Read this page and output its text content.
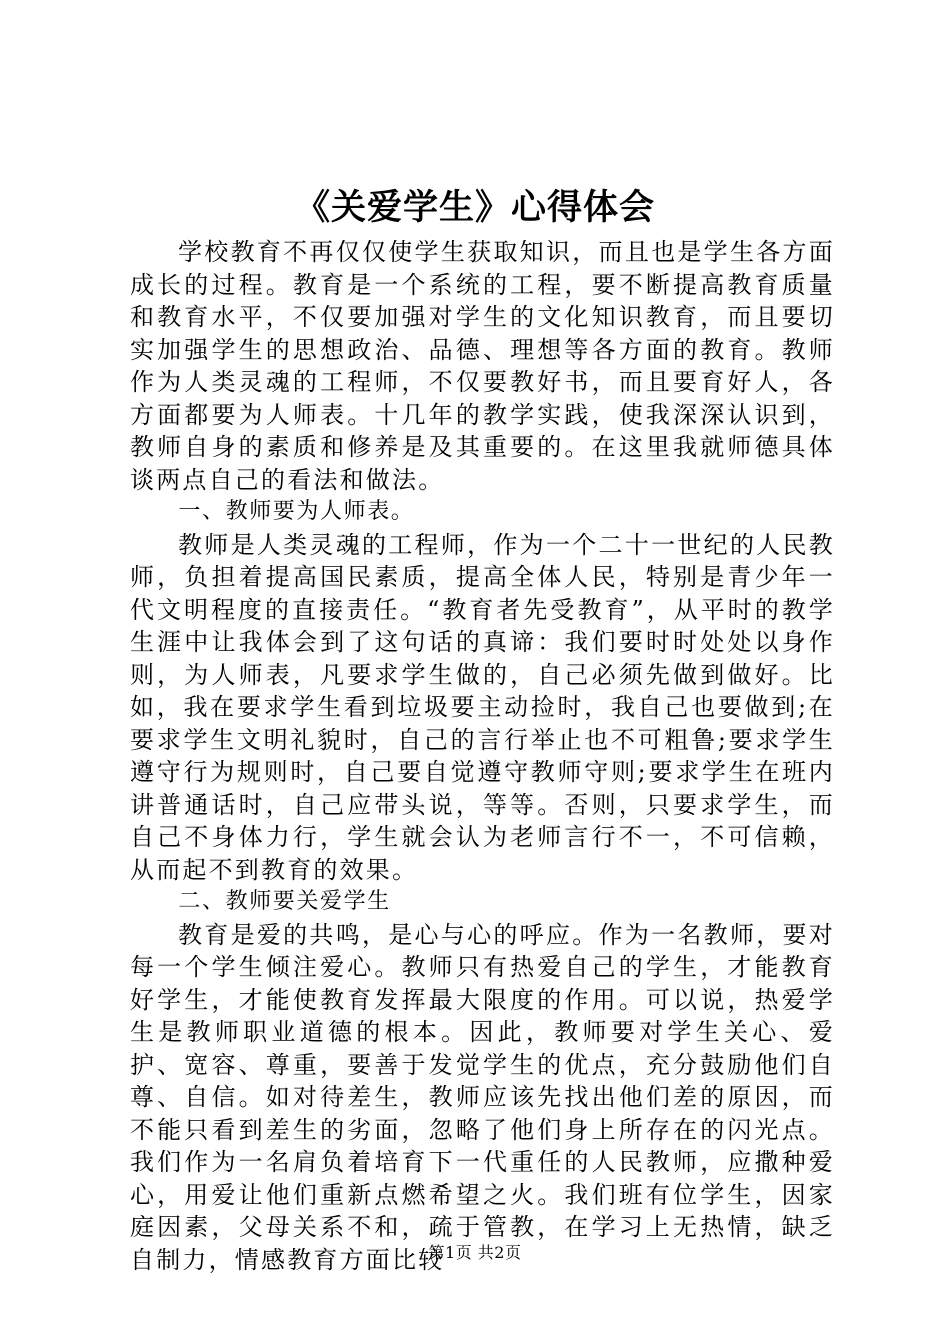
《关爱学生》心得体会

学校教育不再仅仅使学生获取知识，而且也是学生各方面成长的过程。教育是一个系统的工程，要不断提高教育质量和教育水平，不仅要加强对学生的文化知识教育，而且要切实加强学生的思想政治、品德、理想等各方面的教育。教师作为人类灵魂的工程师，不仅要教好书，而且要育好人，各方面都要为人师表。十几年的教学实践，使我深深认识到，教师自身的素质和修养是及其重要的。在这里我就师德具体谈两点自己的看法和做法。

一、教师要为人师表。

教师是人类灵魂的工程师，作为一个二十一世纪的人民教师，负担着提高国民素质，提高全体人民，特别是青少年一代文明程度的直接责任。“教育者先受教育”，从平时的教学生涯中让我体会到了这句话的真谛：我们要时时处处以身作则，为人师表，凡要求学生做的，自己必须先做到做好。比如，我在要求学生看到垃圾要主动捡时，我自己也要做到;在要求学生文明礼貌时，自己的言行举止也不可粗鲁;要求学生遵守行为规则时，自己要自觉遵守教师守则;要求学生在班内讲普通话时，自己应带头说，等等。否则，只要求学生，而自己不身体力行，学生就会认为老师言行不一，不可信赖，从而起不到教育的效果。

二、教师要关爱学生

教育是爱的共鸣，是心与心的呼应。作为一名教师，要对每一个学生倾注爱心。教师只有热爱自己的学生，才能教育好学生，才能使教育发挥最大限度的作用。可以说，热爱学生是教师职业道德的根本。因此，教师要对学生关心、爱护、宽容、尊重，要善于发觉学生的优点，充分鼓励他们自尊、自信。如对待差生，教师应该先找出他们差的原因，而不能只看到差生的劣面，忽略了他们身上所存在的闪光点。我们作为一名肩负着培育下一代重任的人民教师，应撒种爱心，用爱让他们重新点燃希望之火。我们班有位学生，因家庭因素，父母关系不和，疏于管教，在学习上无热情，缺乏自制力，情感教育方面比较

第1页 共2页
